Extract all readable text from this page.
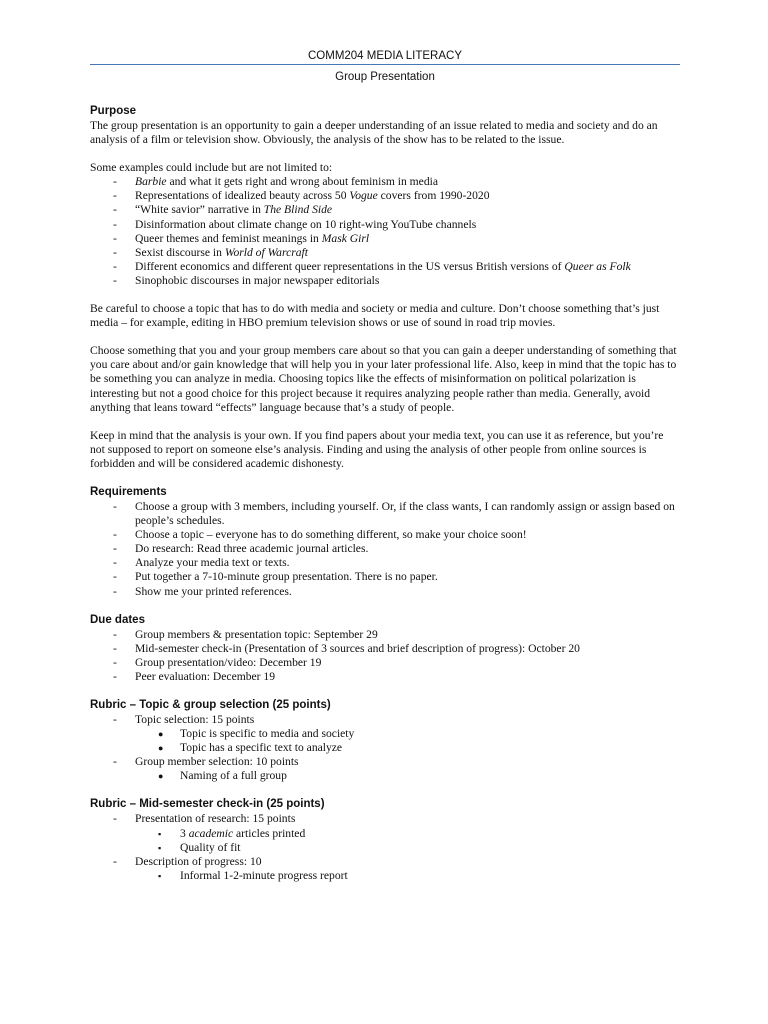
COMM204 MEDIA LITERACY
Group Presentation
Purpose

The group presentation is an opportunity to gain a deeper understanding of an issue related to media and society and do an analysis of a film or television show. Obviously, the analysis of the show has to be related to the issue.

Some examples could include but are not limited to:

- Barbie and what it gets right and wrong about feminism in media
- Representations of idealized beauty across 50 Vogue covers from 1990-2020
- “White savior” narrative in The Blind Side
- Disinformation about climate change on 10 right-wing YouTube channels
- Queer themes and feminist meanings in Mask Girl
- Sexist discourse in World of Warcraft
- Different economics and different queer representations in the US versus British versions of Queer as Folk
- Sinophobic discourses in major newspaper editorials

Be careful to choose a topic that has to do with media and society or media and culture. Don’t choose something that’s just media – for example, editing in HBO premium television shows or use of sound in road trip movies.

Choose something that you and your group members care about so that you can gain a deeper understanding of something that you care about and/or gain knowledge that will help you in your later professional life. Also, keep in mind that the topic has to be something you can analyze in media. Choosing topics like the effects of misinformation on political polarization is interesting but not a good choice for this project because it requires analyzing people rather than media. Generally, avoid anything that leans toward “effects” language because that’s a study of people.

Keep in mind that the analysis is your own. If you find papers about your media text, you can use it as reference, but you’re not supposed to report on someone else’s analysis. Finding and using the analysis of other people from online sources is forbidden and will be considered academic dishonesty.

Requirements
- Choose a group with 3 members, including yourself. Or, if the class wants, I can randomly assign or assign based on people’s schedules.
- Choose a topic – everyone has to do something different, so make your choice soon!
- Do research: Read three academic journal articles.
- Analyze your media text or texts.
- Put together a 7-10-minute group presentation. There is no paper.
- Show me your printed references.
Due dates
- Group members & presentation topic: September 29
- Mid-semester check-in (Presentation of 3 sources and brief description of progress): October 20
- Group presentation/video: December 19
- Peer evaluation: December 19
Rubric – Topic & group selection (25 points)
- Topic selection: 15 points
● Topic is specific to media and society
● Topic has a specific text to analyze
- Group member selection: 10 points
● Naming of a full group
Rubric – Mid-semester check-in (25 points)
- Presentation of research: 15 points
▪ 3 academic articles printed
▪ Quality of fit
- Description of progress: 10
▪ Informal 1-2-minute progress report
